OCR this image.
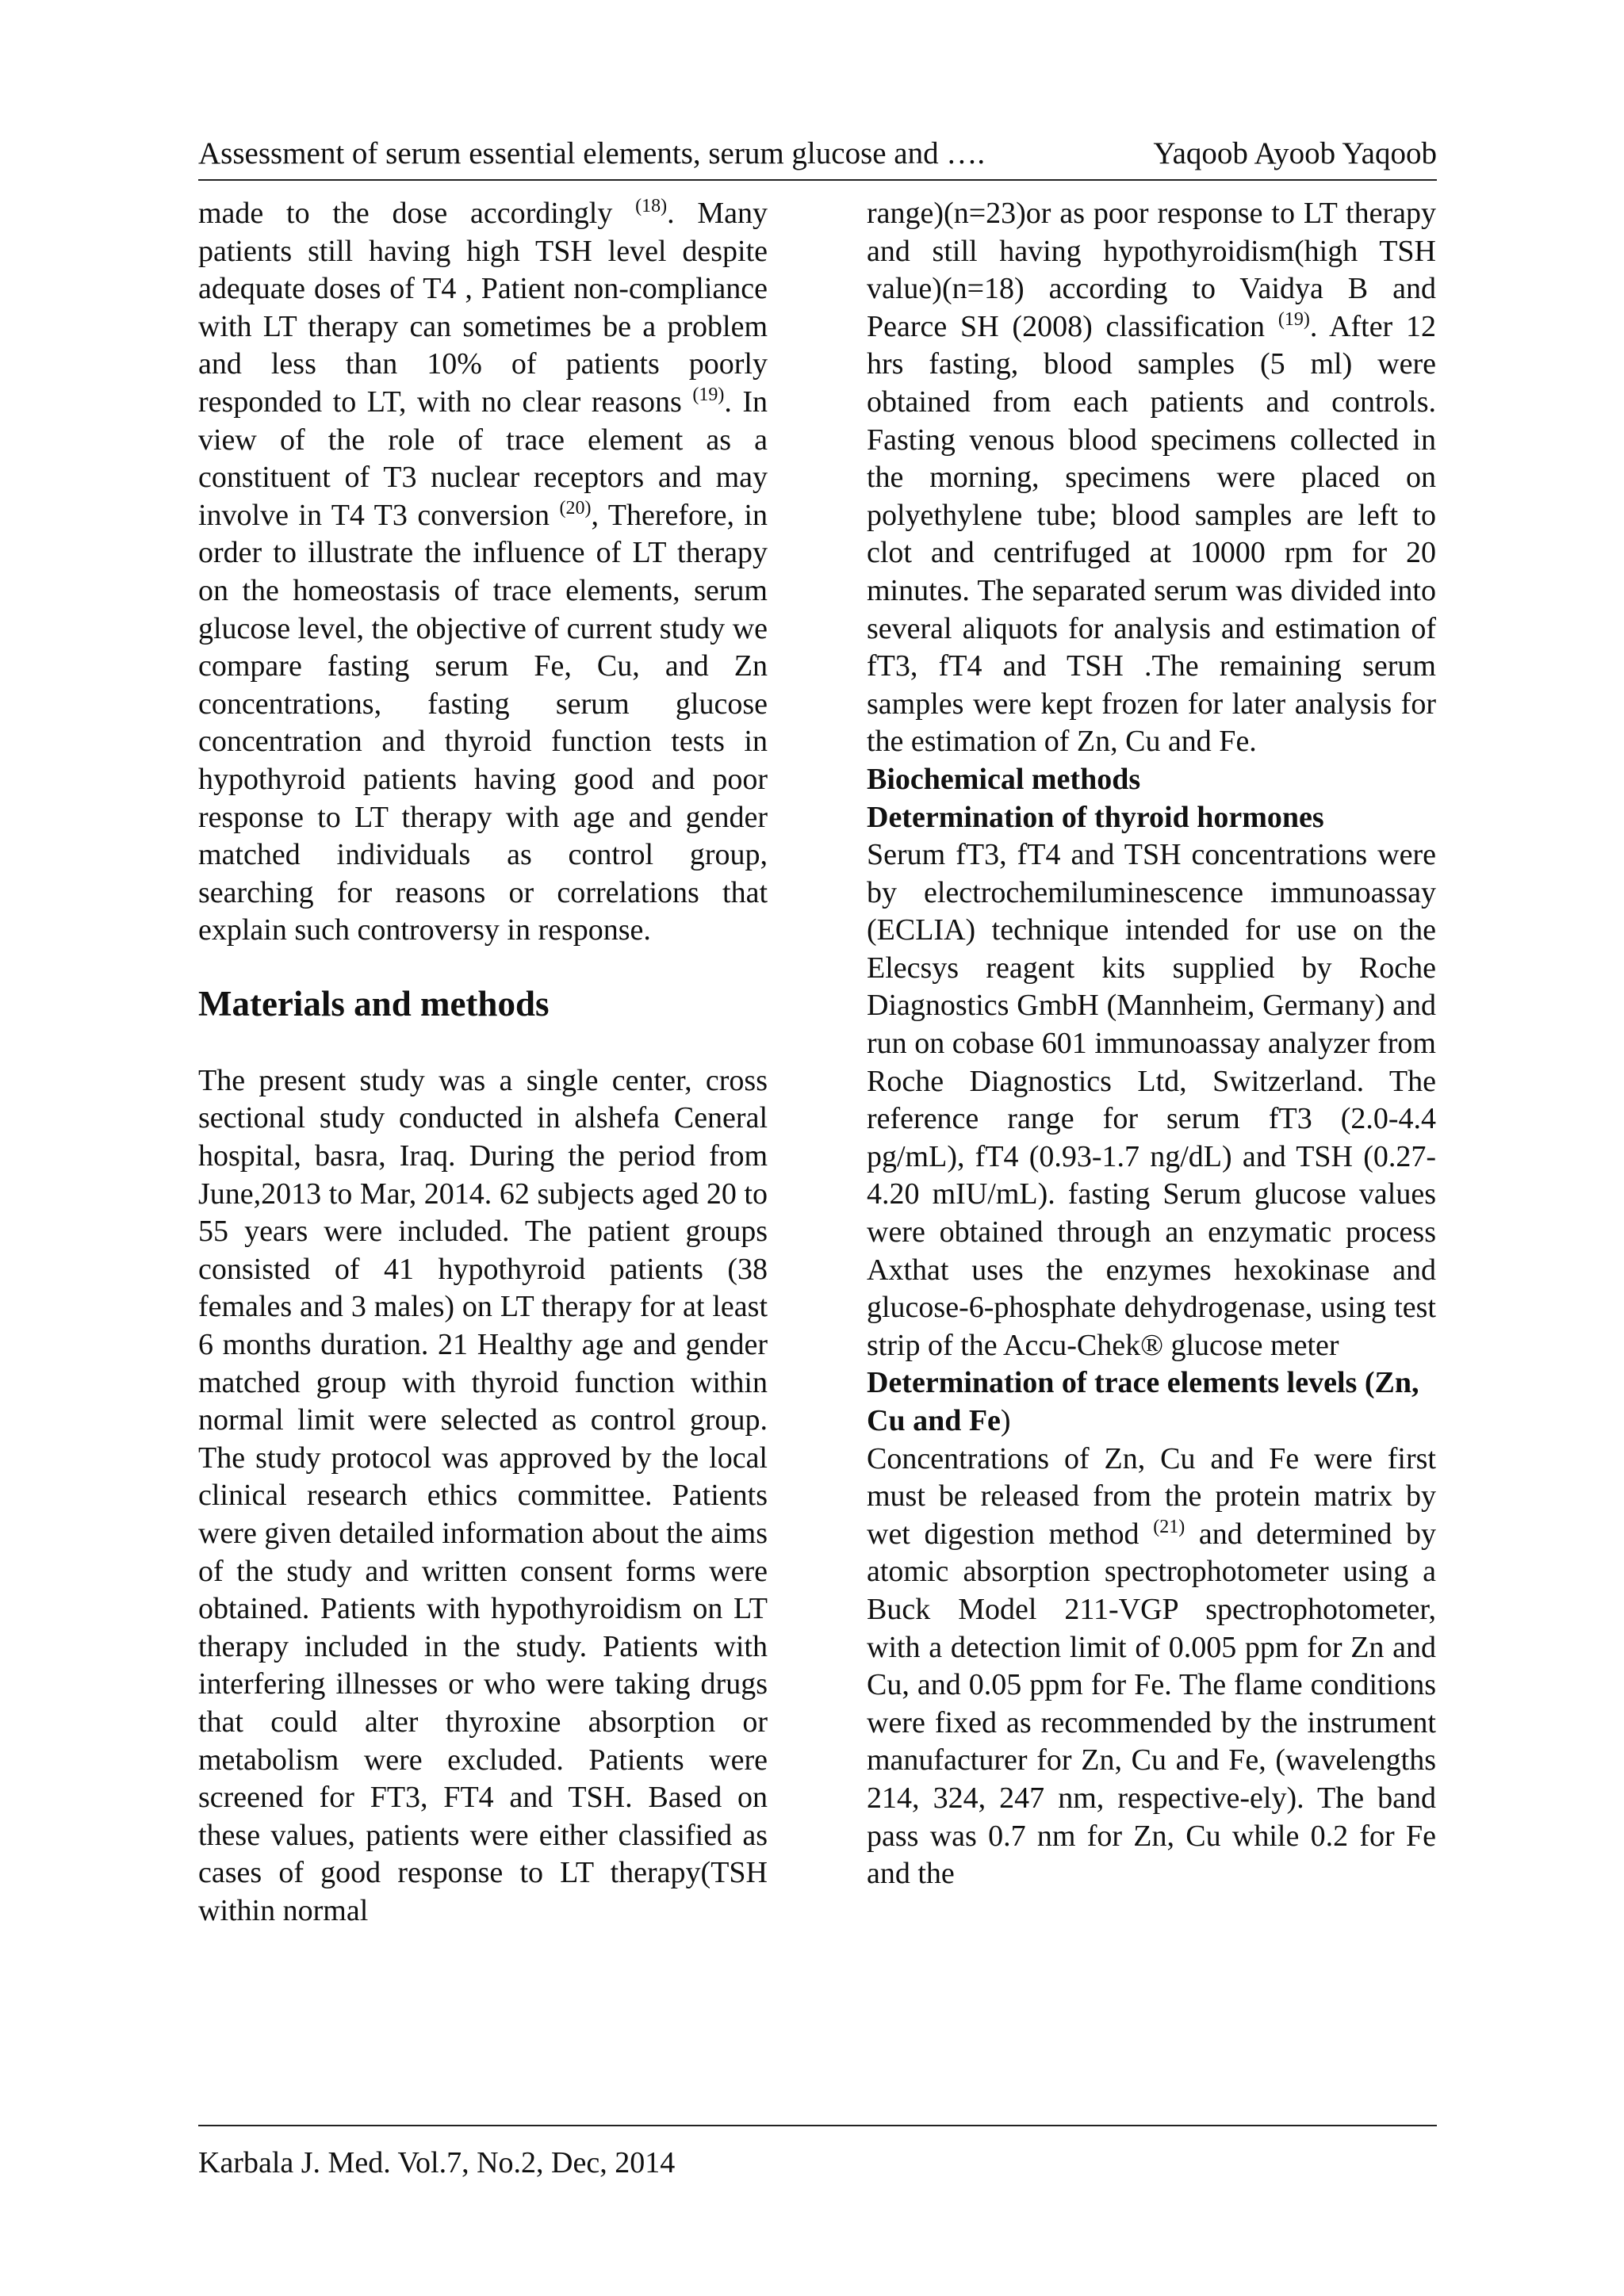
Assessment of serum essential elements, serum glucose and ….	Yaqoob Ayoob Yaqoob

made to the dose accordingly $^{(18)}$. Many patients still having high TSH level despite adequate doses of T4 , Patient non-compliance with LT therapy can sometimes be a problem and less than 10% of patients poorly responded to LT, with no clear reasons $^{(19)}$. In view of the role of trace element as a constituent of T3 nuclear receptors and may involve in T4 T3 conversion $^{(20)}$, Therefore, in order to illustrate the influence of LT therapy on the homeostasis of trace elements, serum glucose level, the objective of current study we compare fasting serum Fe, Cu, and Zn concentrations, fasting serum glucose concentration and thyroid function tests in hypothyroid patients having good and poor response to LT therapy with age and gender matched individuals as control group, searching for reasons or correlations that explain such controversy in response.

Materials and methods

The present study was a single center, cross sectional study conducted in alshefa Ceneral hospital, basra, Iraq. During the period from June,2013 to Mar, 2014. 62 subjects aged 20 to 55 years were included. The patient groups consisted of 41 hypothyroid patients (38 females and 3 males) on LT therapy for at least 6 months duration. 21 Healthy age and gender matched group with thyroid function within normal limit were selected as control group. The study protocol was approved by the local clinical research ethics committee. Patients were given detailed information about the aims of the study and written consent forms were obtained. Patients with hypothyroidism on LT therapy included in the study. Patients with interfering illnesses or who were taking drugs that could alter thyroxine absorption or metabolism were excluded. Patients were screened for FT3, FT4 and TSH. Based on these values, patients were either classified as cases of good response to LT therapy(TSH within normal

range)(n=23)or as poor response to LT therapy and still having hypothyroidism(high TSH value)(n=18) according to Vaidya B and Pearce SH (2008) classification $^{(19)}$. After 12 hrs fasting, blood samples (5 ml) were obtained from each patients and controls. Fasting venous blood specimens collected in the morning, specimens were placed on polyethylene tube; blood samples are left to clot and centrifuged at 10000 rpm for 20 minutes. The separated serum was divided into several aliquots for analysis and estimation of fT3, fT4 and TSH .The remaining serum samples were kept frozen for later analysis for the estimation of Zn, Cu and Fe.

Biochemical methods

Determination of thyroid hormones

Serum fT3, fT4 and TSH concentrations were by electrochemiluminescence immunoassay (ECLIA) technique intended for use on the Elecsys reagent kits supplied by Roche Diagnostics GmbH (Mannheim, Germany) and run on cobase 601 immunoassay analyzer from Roche Diagnostics Ltd, Switzerland. The reference range for serum fT3 (2.0-4.4 pg/mL), fT4 (0.93-1.7 ng/dL) and TSH (0.27-4.20 mIU/mL). fasting Serum glucose values were obtained through an enzymatic process Axthat uses the enzymes hexokinase and glucose-6-phosphate dehydrogenase, using test strip of the Accu-Chek® glucose meter

Determination of trace elements levels (Zn, Cu and Fe)

Concentrations of Zn, Cu and Fe were first must be released from the protein matrix by wet digestion method $^{(21)}$ and determined by atomic absorption spectrophotometer using a Buck Model 211-VGP spectrophotometer, with a detection limit of 0.005 ppm for Zn and Cu, and 0.05 ppm for Fe. The flame conditions were fixed as recommended by the instrument manufacturer for Zn, Cu and Fe, (wavelengths 214, 324, 247 nm, respective-ely). The band pass was 0.7 nm for Zn, Cu while 0.2 for Fe and the

Karbala J. Med. Vol.7, No.2, Dec, 2014
